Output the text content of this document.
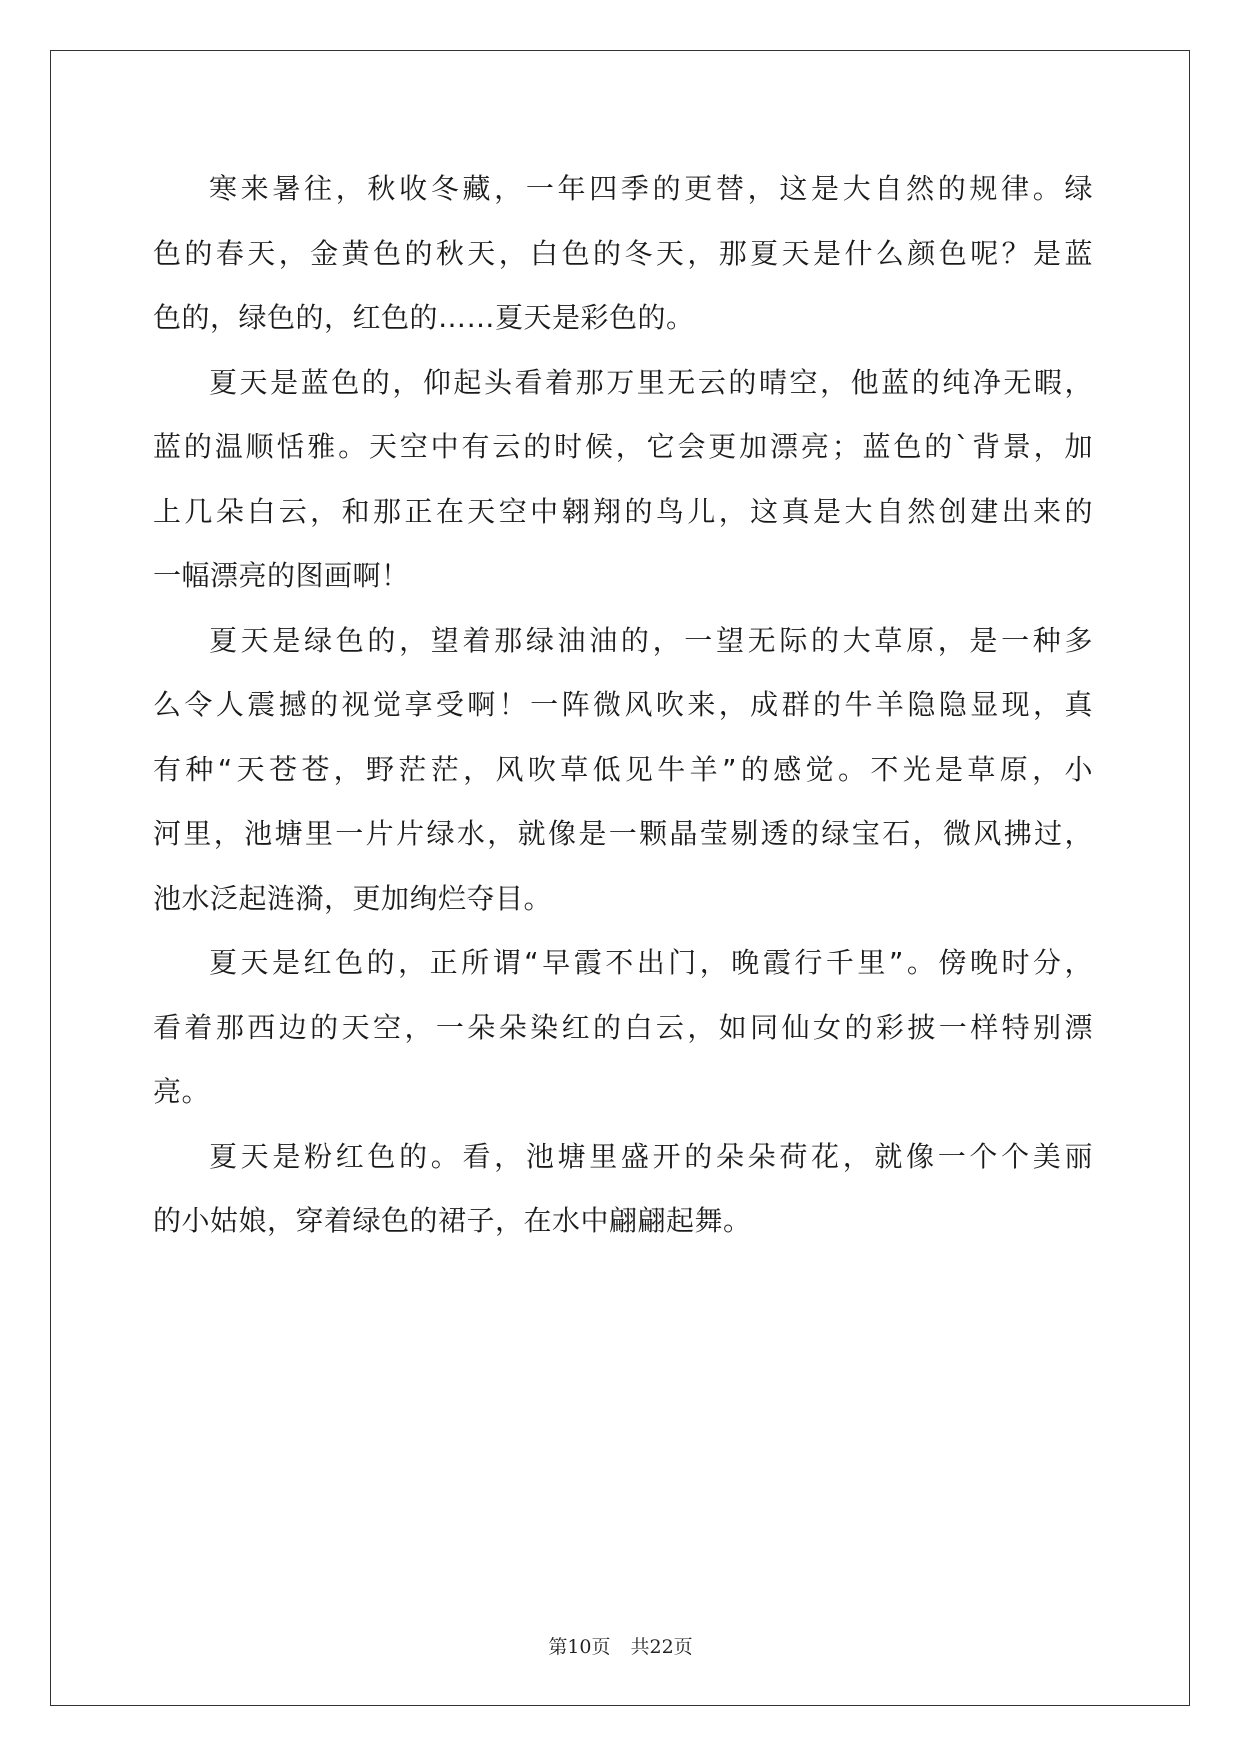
寒来暑往，秋收冬藏，一年四季的更替，这是大自然的规律。绿
色的春天，金黄色的秋天，白色的冬天，那夏天是什么颜色呢？是蓝
色的，绿色的，红色的……夏天是彩色的。

夏天是蓝色的，仰起头看着那万里无云的晴空，他蓝的纯净无暇，
蓝的温顺恬雅。天空中有云的时候，它会更加漂亮；蓝色的`背景，加
上几朵白云，和那正在天空中翱翔的鸟儿，这真是大自然创建出来的
一幅漂亮的图画啊！

夏天是绿色的，望着那绿油油的，一望无际的大草原，是一种多
么令人震撼的视觉享受啊！一阵微风吹来，成群的牛羊隐隐显现，真
有种“天苍苍，野茫茫，风吹草低见牛羊”的感觉。不光是草原，小
河里，池塘里一片片绿水，就像是一颗晶莹剔透的绿宝石，微风拂过，
池水泛起涟漪，更加绚烂夺目。

夏天是红色的，正所谓“早霞不出门，晚霞行千里”。傍晚时分，
看着那西边的天空，一朵朵染红的白云，如同仙女的彩披一样特别漂
亮。

夏天是粉红色的。看，池塘里盛开的朵朵荷花，就像一个个美丽
的小姑娘，穿着绿色的裙子，在水中翩翩起舞。

第10页 共22页
